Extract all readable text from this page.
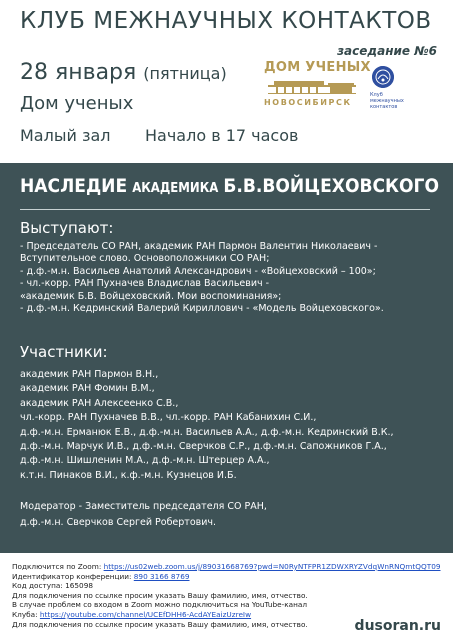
КЛУБ МЕЖНАУЧНЫХ КОНТАКТОВ
заседание №6
28 января (пятница)
Дом ученых
Малый зал Начало в 17 часов
ДОМ УЧЕНЫХ
НОВОСИБИРСК
Клуб
межнаучных
контактов
НАСЛЕДИЕ АКАДЕМИКА Б.В.ВОЙЦЕХОВСКОГО
Выступают:
- Председатель СО РАН, академик РАН Пармон Валентин Николаевич -
Вступительное слово. Основоположники СО РАН;
- д.ф.-м.н. Васильев Анатолий Александрович - «Войцеховский – 100»;
- чл.-корр. РАН Пухначев Владислав Васильевич -
«академик Б.В. Войцеховский. Мои воспоминания»;
- д.ф.-м.н. Кедринский Валерий Кириллович - «Модель Войцеховского».
Участники:
академик РАН Пармон В.Н.,
академик РАН Фомин В.М.,
академик РАН Алексеенко С.В.,
чл.-корр. РАН Пухначев В.В., чл.-корр. РАН Кабанихин С.И.,
д.ф.-м.н. Ерманюк Е.В., д.ф.-м.н. Васильев А.А., д.ф.-м.н. Кедринский В.К.,
д.ф.-м.н. Марчук И.В., д.ф.-м.н. Сверчков С.Р., д.ф.-м.н. Сапожников Г.А.,
д.ф.-м.н. Шишленин М.А., д.ф.-м.н. Штерцер А.А.,
к.т.н. Пинаков В.И., к.ф.-м.н. Кузнецов И.Б.
Модератор - Заместитель председателя СО РАН,
д.ф.-м.н. Сверчков Сергей Робертович.
Подключится по Zoom: https://us02web.zoom.us/j/89031668769?pwd=N0RyNTFPR1ZDWXRYZVdqWnRNQmtQQT09
Идентификатор конференции: 890 3166 8769
Код доступа: 165098
Для подключения по ссылке просим указать Вашу фамилию, имя, отчество.
В случае проблем со входом в Zoom можно подключиться на YouTube-канал
Клуба: https://youtube.com/channel/UCEfDHH6-AcdAYEaizUzreIw
Для подключения по ссылке просим указать Вашу фамилию, имя, отчество.	dusoran.ru
